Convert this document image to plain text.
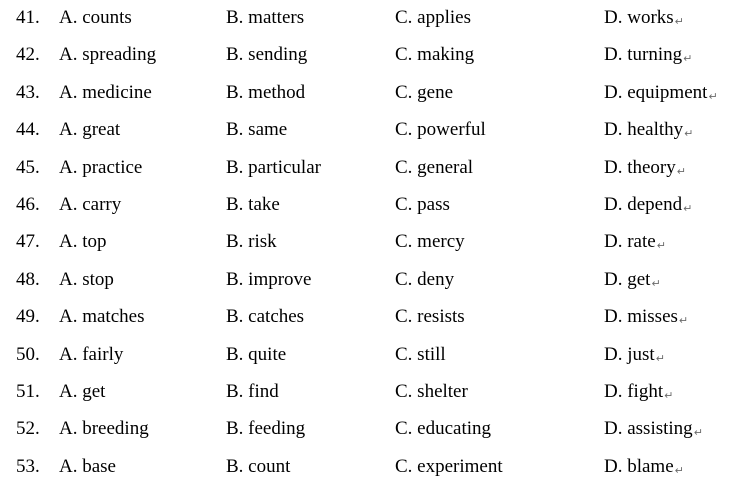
41. A. counts	B. matters	C. applies	D. works↵
42. A. spreading	B. sending	C. making	D. turning↵
43. A. medicine	B. method	C. gene	D. equipment↵
44. A. great	B. same	C. powerful	D. healthy↵
45. A. practice	B. particular	C. general	D. theory↵
46. A. carry	B. take	C. pass	D. depend↵
47. A. top	B. risk	C. mercy	D. rate↵
48. A. stop	B. improve	C. deny	D. get↵
49. A. matches	B. catches	C. resists	D. misses↵
50. A. fairly	B. quite	C. still	D. just↵
51. A. get	B. find	C. shelter	D. fight↵
52. A. breeding	B. feeding	C. educating	D. assisting↵
53. A. base	B. count	C. experiment	D. blame↵
